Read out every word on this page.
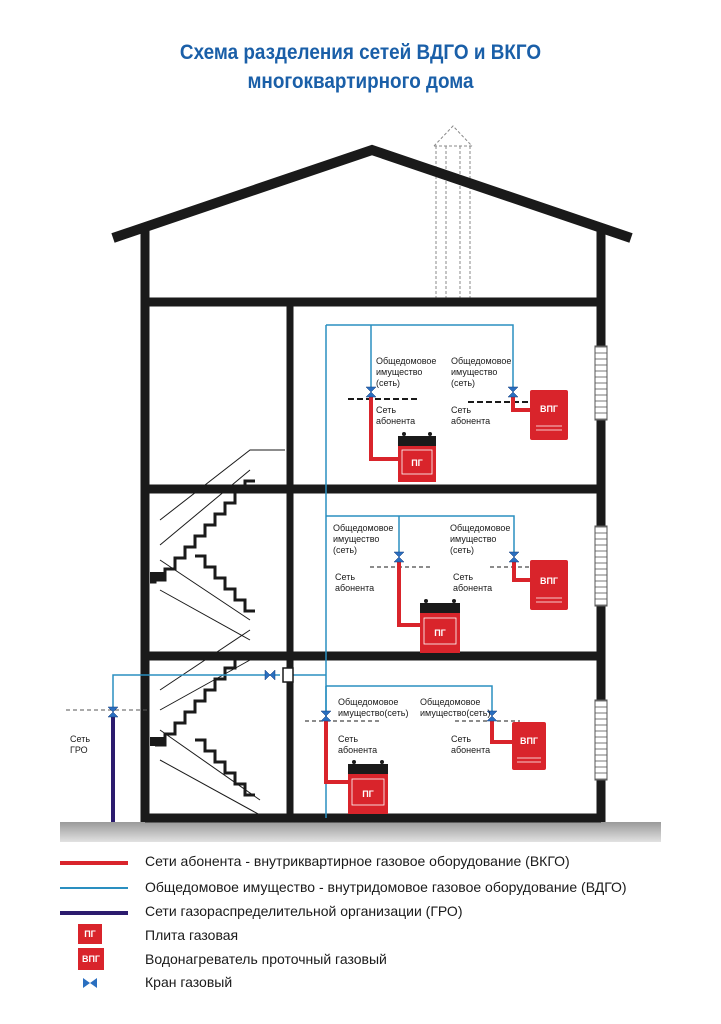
Схема разделения сетей ВДГО и ВКГО
многоквартирного дома
Сеть
ГРО
Общедомовое
имущество
(сеть)
Сеть
абонента
Общедомовое
имущество
(сеть)
Сеть
абонента
Общедомовое
имущество
(сеть)
Сеть
абонента
Общедомовое
имущество
(сеть)
Сеть
абонента
Общедомовое
имущество(сеть)
Сеть
абонента
Общедомовое
имущество(сеть)
Сеть
абонента
ПГ
ПГ
ПГ
ВПГ
ВПГ
ВПГ
Сети абонента - внутриквартирное газовое оборудование (ВКГО)
Общедомовое имущество - внутридомовое газовое оборудование (ВДГО)
Сети газораспределительной организации (ГРО)
ПГ	Плита газовая
ВПГ	Водонагреватель проточный газовый
Кран газовый
